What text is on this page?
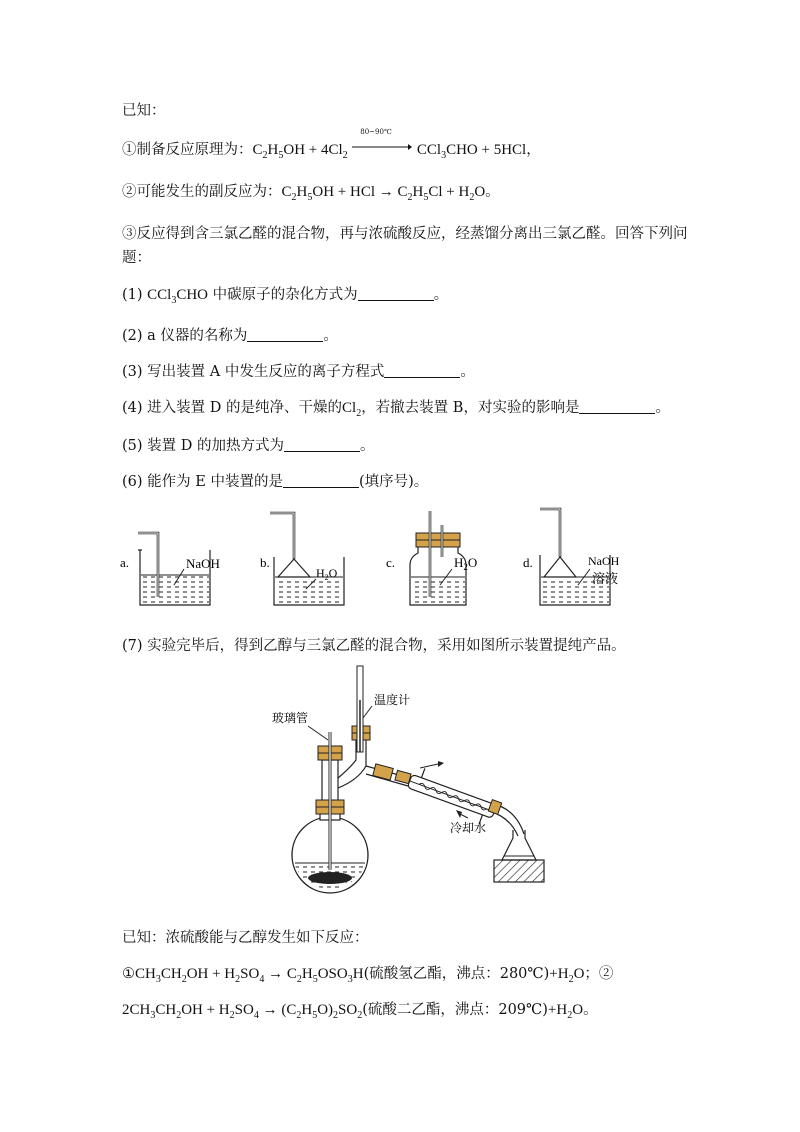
已知：
①制备反应原理为：$C_2H_5OH + 4Cl_2$
80~90℃
CCl$_3$CHO + 5HCl，
②可能发生的副反应为：$C_2H_5OH$ + HCl → $C_2H_5Cl + H_2O$。
③反应得到含三氯乙醛的混合物，再与浓硫酸反应，经蒸馏分离出三氯乙醛。回答下列问
题：
(1) CCl$_3$CHO 中碳原子的杂化方式为	。
(2) a 仪器的名称为	。
(3) 写出装置 A 中发生反应的离子方程式	。
(4) 进入装置 D 的是纯净、干燥的$Cl_2$，若撤去装置 B，对实验的影响是	。
(5) 装置 D 的加热方式为	。
(6) 能作为 E 中装置的是	(填序号)。
a.	NaOH	b.
$H_2O$
c.	$H_2O$	d.	NaOH
溶液
(7) 实验完毕后，得到乙醇与三氯乙醛的混合物，采用如图所示装置提纯产品。
玻璃管
温度计
冷却水
已知：浓硫酸能与乙醇发生如下反应：
$①CH_3CH_2OH + H_2SO_4 \to C_2H_5OSO_3H$(硫酸氢乙酯，沸点：$280℃)+H_2O$；②
$2CH_3CH_2OH + H_2SO_4 \to (C_2H_5O)_2SO_2$(硫酸二乙酯，沸点：$209℃)+H_2O$。
